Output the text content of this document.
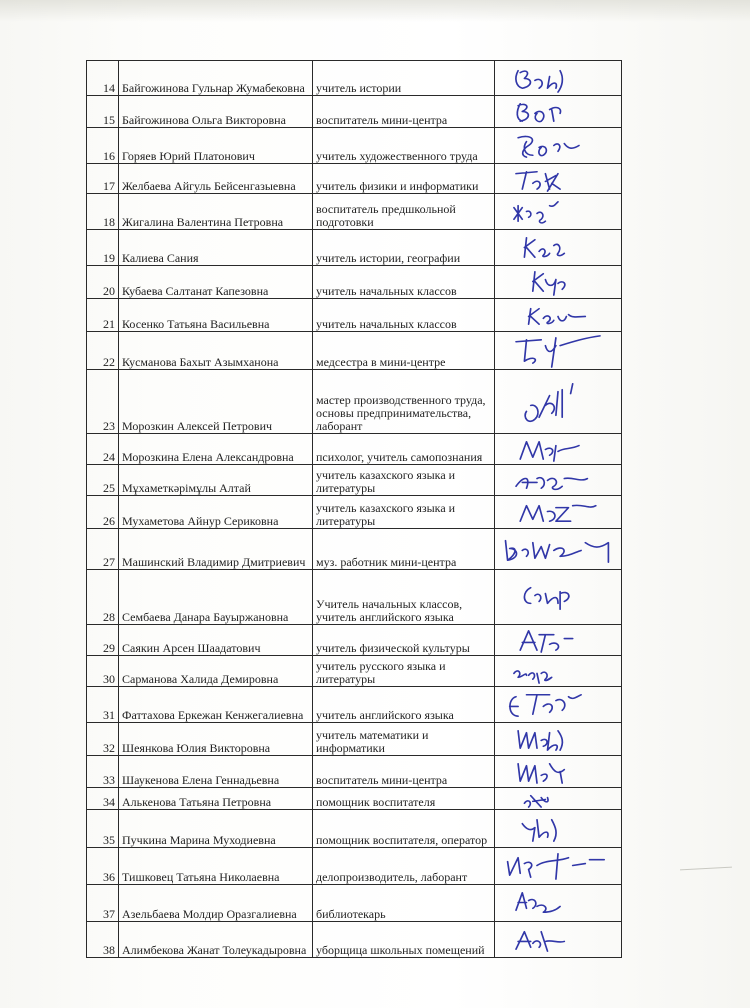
14	Байгожинова Гульнар Жумабековна	учитель истории	

15	Байгожинова Ольга Викторовна	воспитатель мини-центра	

16	Горяев Юрий Платонович	учитель художественного труда	

17	Желбаева Айгуль Бейсенгазыевна	учитель физики и информатики	

18	Жигалина Валентина Петровна	воспитатель предшкольной подготовки	

19	Калиева Сания	учитель истории, географии	

20	Кубаева Салтанат Капезовна	учитель начальных классов	

21	Косенко Татьяна Васильевна	учитель начальных классов	

22	Кусманова Бахыт Азымханона	медсестра в мини-центре	

23	Морозкин Алексей Петрович	мастер производственного труда, основы предпринимательства, лаборант	

24	Морозкина Елена Александровна	психолог, учитель самопознания	

25	Мұхаметкәрімұлы Алтай	учитель казахского языка и литературы	

26	Мухаметова Айнур Сериковна	учитель казахского языка и литературы	

27	Машинский Владимир Дмитриевич	муз. работник мини-центра	

28	Сембаева Данара Бауыржановна	Учитель начальных классов, учитель английского языка	

29	Саякин Арсен Шаадатович	учитель физической культуры	

30	Сарманова Халида Демировна	учитель русского языка и литературы	

31	Фаттахова Еркежан Кенжегалиевна	учитель английского языка	

32	Шеянкова Юлия Викторовна	учитель математики и информатики	

33	Шаукенова Елена Геннадьевна	воспитатель мини-центра	

34	Алькенова Татьяна Петровна	помощник воспитателя	

35	Пучкина Марина Муходиевна	помощник воспитателя, оператор	

36	Тишковец Татьяна Николаевна	делопроизводитель, лаборант	

37	Азельбаева Молдир Оразгалиевна	библиотекарь	

38	Алимбекова Жанат Толеукадыровна	уборщица школьных помещений	
